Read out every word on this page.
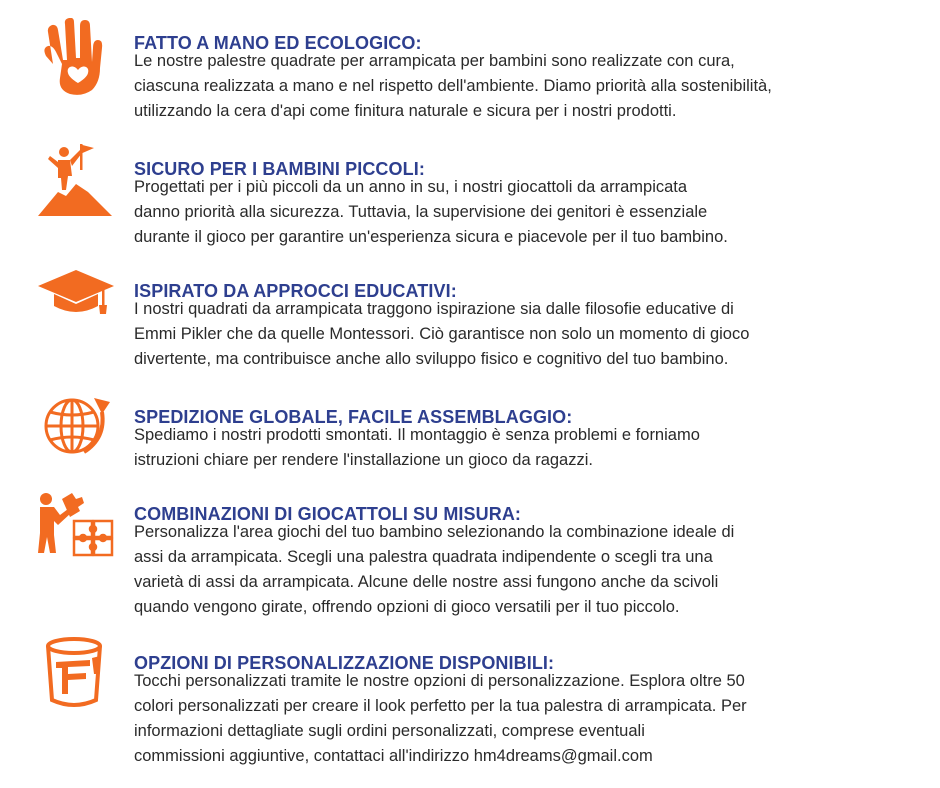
FATTO A MANO ED ECOLOGICO:

Le nostre palestre quadrate per arrampicata per bambini sono realizzate con cura,
ciascuna realizzata a mano e nel rispetto dell'ambiente. Diamo priorità alla sostenibilità,
utilizzando la cera d'api come finitura naturale e sicura per i nostri prodotti.

SICURO PER I BAMBINI PICCOLI:

Progettati per i più piccoli da un anno in su, i nostri giocattoli da arrampicata
danno priorità alla sicurezza. Tuttavia, la supervisione dei genitori è essenziale
durante il gioco per garantire un'esperienza sicura e piacevole per il tuo bambino.

ISPIRATO DA APPROCCI EDUCATIVI:

I nostri quadrati da arrampicata traggono ispirazione sia dalle filosofie educative di
Emmi Pikler che da quelle Montessori. Ciò garantisce non solo un momento di gioco
divertente, ma contribuisce anche allo sviluppo fisico e cognitivo del tuo bambino.

SPEDIZIONE GLOBALE, FACILE ASSEMBLAGGIO:

Spediamo i nostri prodotti smontati. Il montaggio è senza problemi e forniamo
istruzioni chiare per rendere l'installazione un gioco da ragazzi.

COMBINAZIONI DI GIOCATTOLI SU MISURA:

Personalizza l'area giochi del tuo bambino selezionando la combinazione ideale di
assi da arrampicata. Scegli una palestra quadrata indipendente o scegli tra una
varietà di assi da arrampicata. Alcune delle nostre assi fungono anche da scivoli
quando vengono girate, offrendo opzioni di gioco versatili per il tuo piccolo.

OPZIONI DI PERSONALIZZAZIONE DISPONIBILI:

Tocchi personalizzati tramite le nostre opzioni di personalizzazione. Esplora oltre 50
colori personalizzati per creare il look perfetto per la tua palestra di arrampicata. Per
informazioni dettagliate sugli ordini personalizzati, comprese eventuali
commissioni aggiuntive, contattaci all'indirizzo hm4dreams@gmail.com
